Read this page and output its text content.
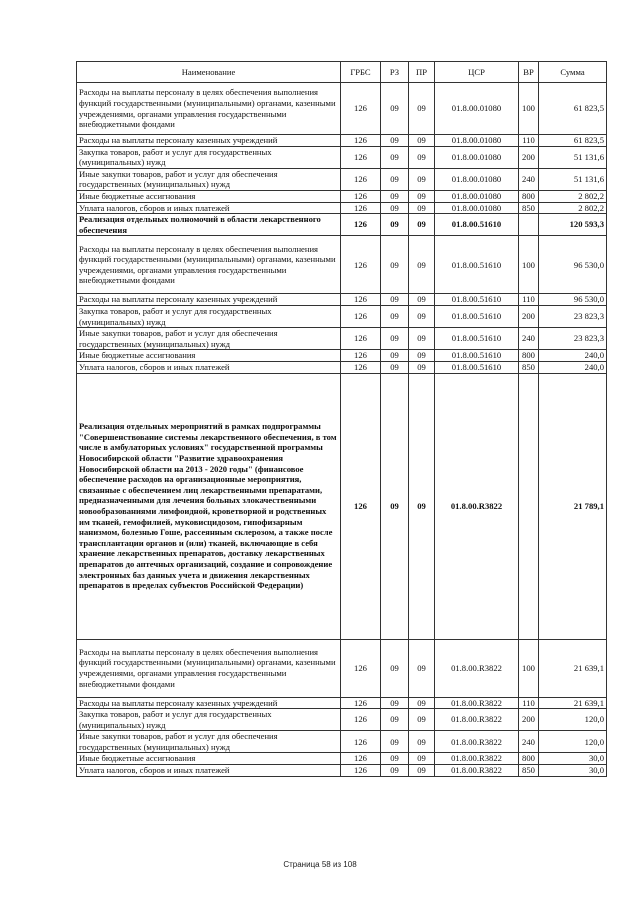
Наименование	ГРБС	РЗ	ПР	ЦСР	ВР	Сумма
Расходы на выплаты персоналу в целях обеспечения выполнения функций государственными (муниципальными) органами, казенными учреждениями, органами управления государственными внебюджетными фондами	126	09	09	01.8.00.01080	100	61 823,5
Расходы на выплаты персоналу казенных учреждений	126	09	09	01.8.00.01080	110	61 823,5
Закупка товаров, работ и услуг для государственных (муниципальных) нужд	126	09	09	01.8.00.01080	200	51 131,6
Иные закупки товаров, работ и услуг для обеспечения государственных (муниципальных) нужд	126	09	09	01.8.00.01080	240	51 131,6
Иные бюджетные ассигнования	126	09	09	01.8.00.01080	800	2 802,2
Уплата налогов, сборов и иных платежей	126	09	09	01.8.00.01080	850	2 802,2
Реализация отдельных полномочий в области лекарственного обеспечения	126	09	09	01.8.00.51610		120 593,3
Расходы на выплаты персоналу в целях обеспечения выполнения функций государственными (муниципальными) органами, казенными учреждениями, органами управления государственными внебюджетными фондами	126	09	09	01.8.00.51610	100	96 530,0
Расходы на выплаты персоналу казенных учреждений	126	09	09	01.8.00.51610	110	96 530,0
Закупка товаров, работ и услуг для государственных (муниципальных) нужд	126	09	09	01.8.00.51610	200	23 823,3
Иные закупки товаров, работ и услуг для обеспечения государственных (муниципальных) нужд	126	09	09	01.8.00.51610	240	23 823,3
Иные бюджетные ассигнования	126	09	09	01.8.00.51610	800	240,0
Уплата налогов, сборов и иных платежей	126	09	09	01.8.00.51610	850	240,0
Реализация отдельных мероприятий в рамках подпрограммы "Совершенствование системы лекарственного обеспечения, в том числе в амбулаторных условиях" государственной программы Новосибирской области "Развитие здравоохранения Новосибирской области на 2013 - 2020 годы" (финансовое обеспечение расходов на организационные мероприятия, связанные с обеспечением лиц лекарственными препаратами, предназначенными для лечения больных злокачественными новообразованиями лимфоидной, кроветворной и родственных им тканей, гемофилией, муковисцидозом, гипофизарным нанизмом, болезнью Гоше, рассеянным склерозом, а также после трансплантации органов и (или) тканей, включающие в себя хранение лекарственных препаратов, доставку лекарственных препаратов до аптечных организаций, создание и сопровождение электронных баз данных учета и движения лекарственных препаратов в пределах субъектов Российской Федерации)	126	09	09	01.8.00.R3822		21 789,1
Расходы на выплаты персоналу в целях обеспечения выполнения функций государственными (муниципальными) органами, казенными учреждениями, органами управления государственными внебюджетными фондами	126	09	09	01.8.00.R3822	100	21 639,1
Расходы на выплаты персоналу казенных учреждений	126	09	09	01.8.00.R3822	110	21 639,1
Закупка товаров, работ и услуг для государственных (муниципальных) нужд	126	09	09	01.8.00.R3822	200	120,0
Иные закупки товаров, работ и услуг для обеспечения государственных (муниципальных) нужд	126	09	09	01.8.00.R3822	240	120,0
Иные бюджетные ассигнования	126	09	09	01.8.00.R3822	800	30,0
Уплата налогов, сборов и иных платежей	126	09	09	01.8.00.R3822	850	30,0
Страница 58 из 108
